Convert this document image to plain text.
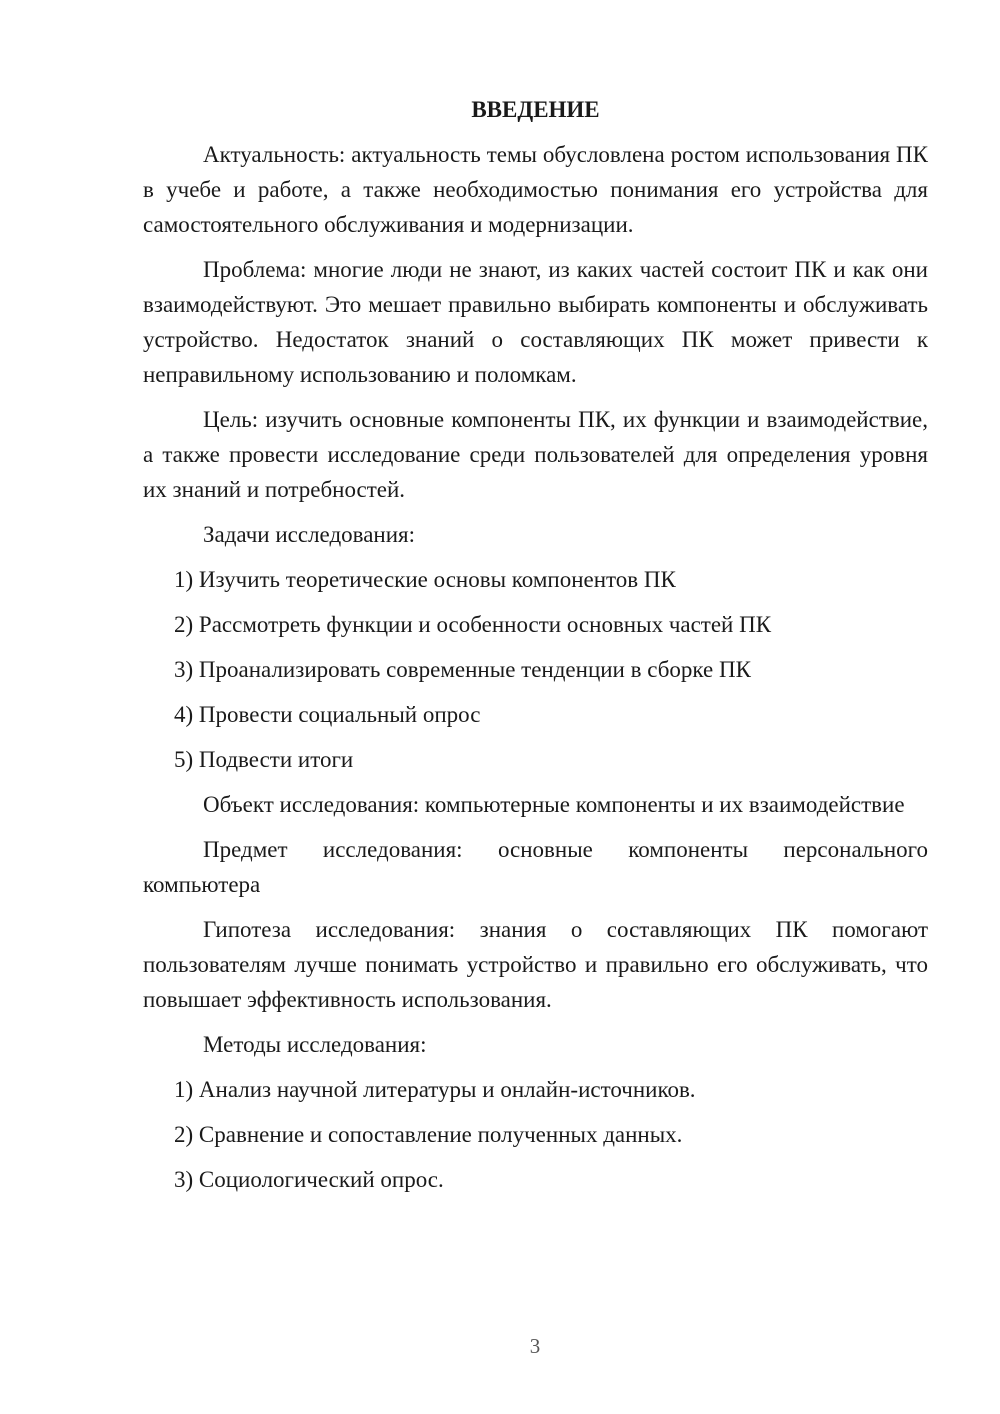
ВВЕДЕНИЕ

Актуальность: актуальность темы обусловлена ростом использования ПК в учебе и работе, а также необходимостью понимания его устройства для самостоятельного обслуживания и модернизации.

Проблема: многие люди не знают, из каких частей состоит ПК и как они взаимодействуют. Это мешает правильно выбирать компоненты и обслуживать устройство. Недостаток знаний о составляющих ПК может привести к неправильному использованию и поломкам.

Цель: изучить основные компоненты ПК, их функции и взаимодействие, а также провести исследование среди пользователей для определения уровня их знаний и потребностей.

Задачи исследования:

1) Изучить теоретические основы компонентов ПК

2) Рассмотреть функции и особенности основных частей ПК

3) Проанализировать современные тенденции в сборке ПК

4) Провести социальный опрос

5) Подвести итоги

Объект исследования: компьютерные компоненты и их взаимодействие

Предмет исследования: основные компоненты персонального компьютера

Гипотеза исследования: знания о составляющих ПК помогают пользователям лучше понимать устройство и правильно его обслуживать, что повышает эффективность использования.

Методы исследования:

1) Анализ научной литературы и онлайн-источников.

2) Сравнение и сопоставление полученных данных.

3) Социологический опрос.

3
